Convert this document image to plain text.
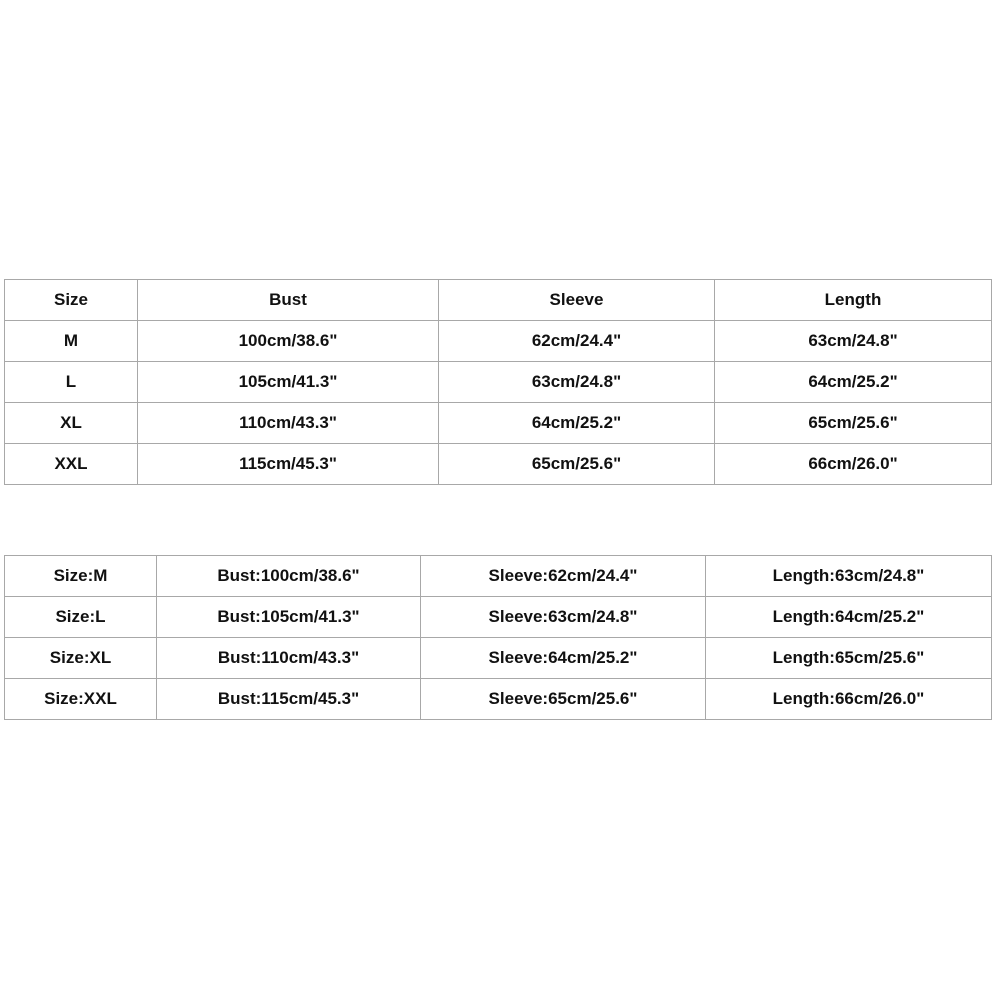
Size	Bust	Sleeve	Length
M	100cm/38.6"	62cm/24.4"	63cm/24.8"
L	105cm/41.3"	63cm/24.8"	64cm/25.2"
XL	110cm/43.3"	64cm/25.2"	65cm/25.6"
XXL	115cm/45.3"	65cm/25.6"	66cm/26.0"
Size:M	Bust:100cm/38.6"	Sleeve:62cm/24.4"	Length:63cm/24.8"
Size:L	Bust:105cm/41.3"	Sleeve:63cm/24.8"	Length:64cm/25.2"
Size:XL	Bust:110cm/43.3"	Sleeve:64cm/25.2"	Length:65cm/25.6"
Size:XXL	Bust:115cm/45.3"	Sleeve:65cm/25.6"	Length:66cm/26.0"
